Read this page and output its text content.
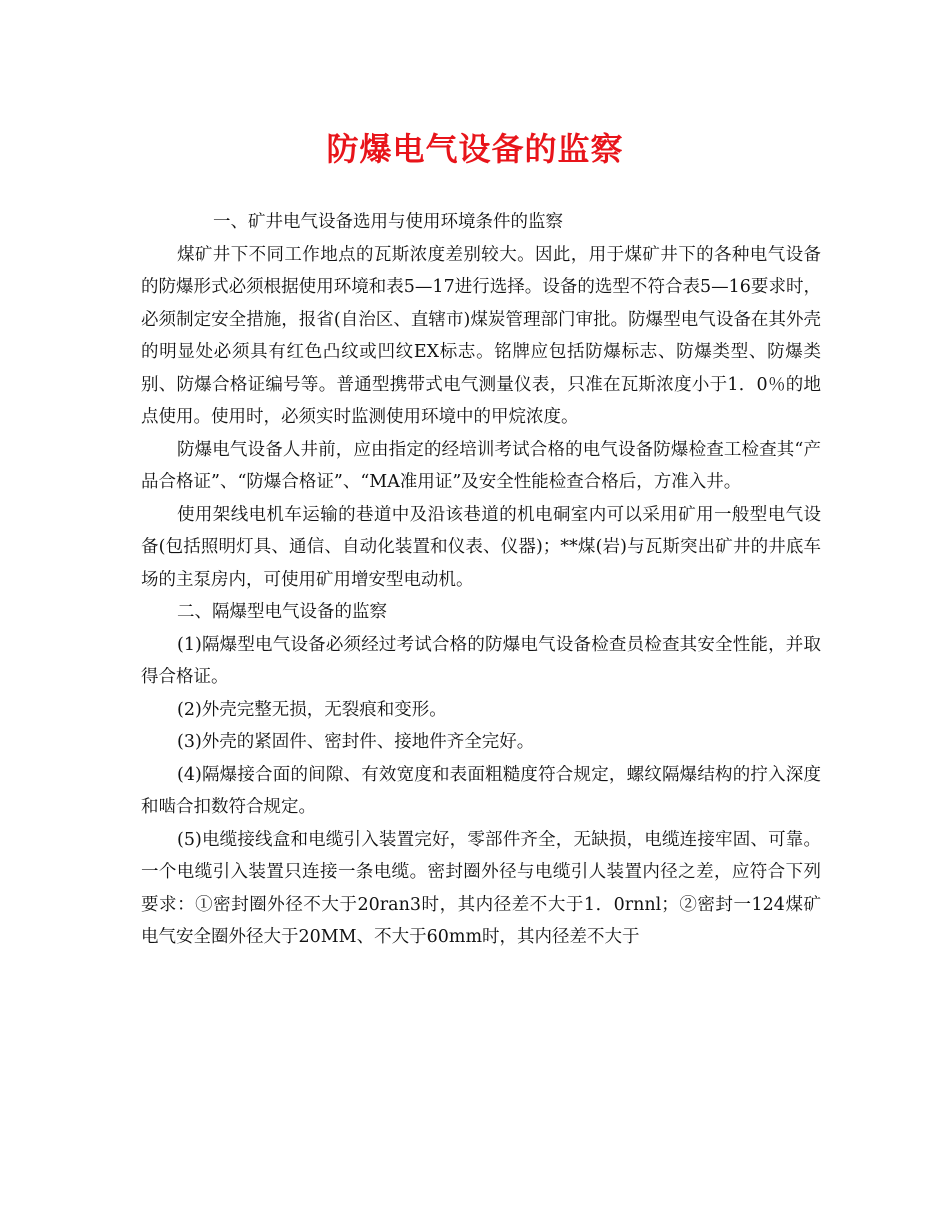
防爆电气设备的监察

一、矿井电气设备选用与使用环境条件的监察

煤矿井下不同工作地点的瓦斯浓度差别较大。因此，用于煤矿井下的各种电气设备的防爆形式必须根据使用环境和表5—17进行选择。设备的选型不符合表5—16要求时，必须制定安全措施，报省(自治区、直辖市)煤炭管理部门审批。防爆型电气设备在其外壳的明显处必须具有红色凸纹或凹纹EX标志。铭牌应包括防爆标志、防爆类型、防爆类别、防爆合格证编号等。普通型携带式电气测量仪表，只准在瓦斯浓度小于1．0％的地点使用。使用时，必须实时监测使用环境中的甲烷浓度。

防爆电气设备人井前，应由指定的经培训考试合格的电气设备防爆检查工检查其“产品合格证”、“防爆合格证”、“MA准用证”及安全性能检查合格后，方准入井。

使用架线电机车运输的巷道中及沿该巷道的机电硐室内可以采用矿用一般型电气设备(包括照明灯具、通信、自动化装置和仪表、仪器)；**煤(岩)与瓦斯突出矿井的井底车场的主泵房内，可使用矿用增安型电动机。

二、隔爆型电气设备的监察

(1)隔爆型电气设备必须经过考试合格的防爆电气设备检查员检查其安全性能，并取得合格证。

(2)外壳完整无损，无裂痕和变形。

(3)外壳的紧固件、密封件、接地件齐全完好。

(4)隔爆接合面的间隙、有效宽度和表面粗糙度符合规定，螺纹隔爆结构的拧入深度和啮合扣数符合规定。

(5)电缆接线盒和电缆引入装置完好，零部件齐全，无缺损，电缆连接牢固、可靠。一个电缆引入装置只连接一条电缆。密封圈外径与电缆引人装置内径之差，应符合下列要求：①密封圈外径不大于20ran3时，其内径差不大于1．0rnnl；②密封一124煤矿电气安全圈外径大于20MM、不大于60mm时，其内径差不大于
